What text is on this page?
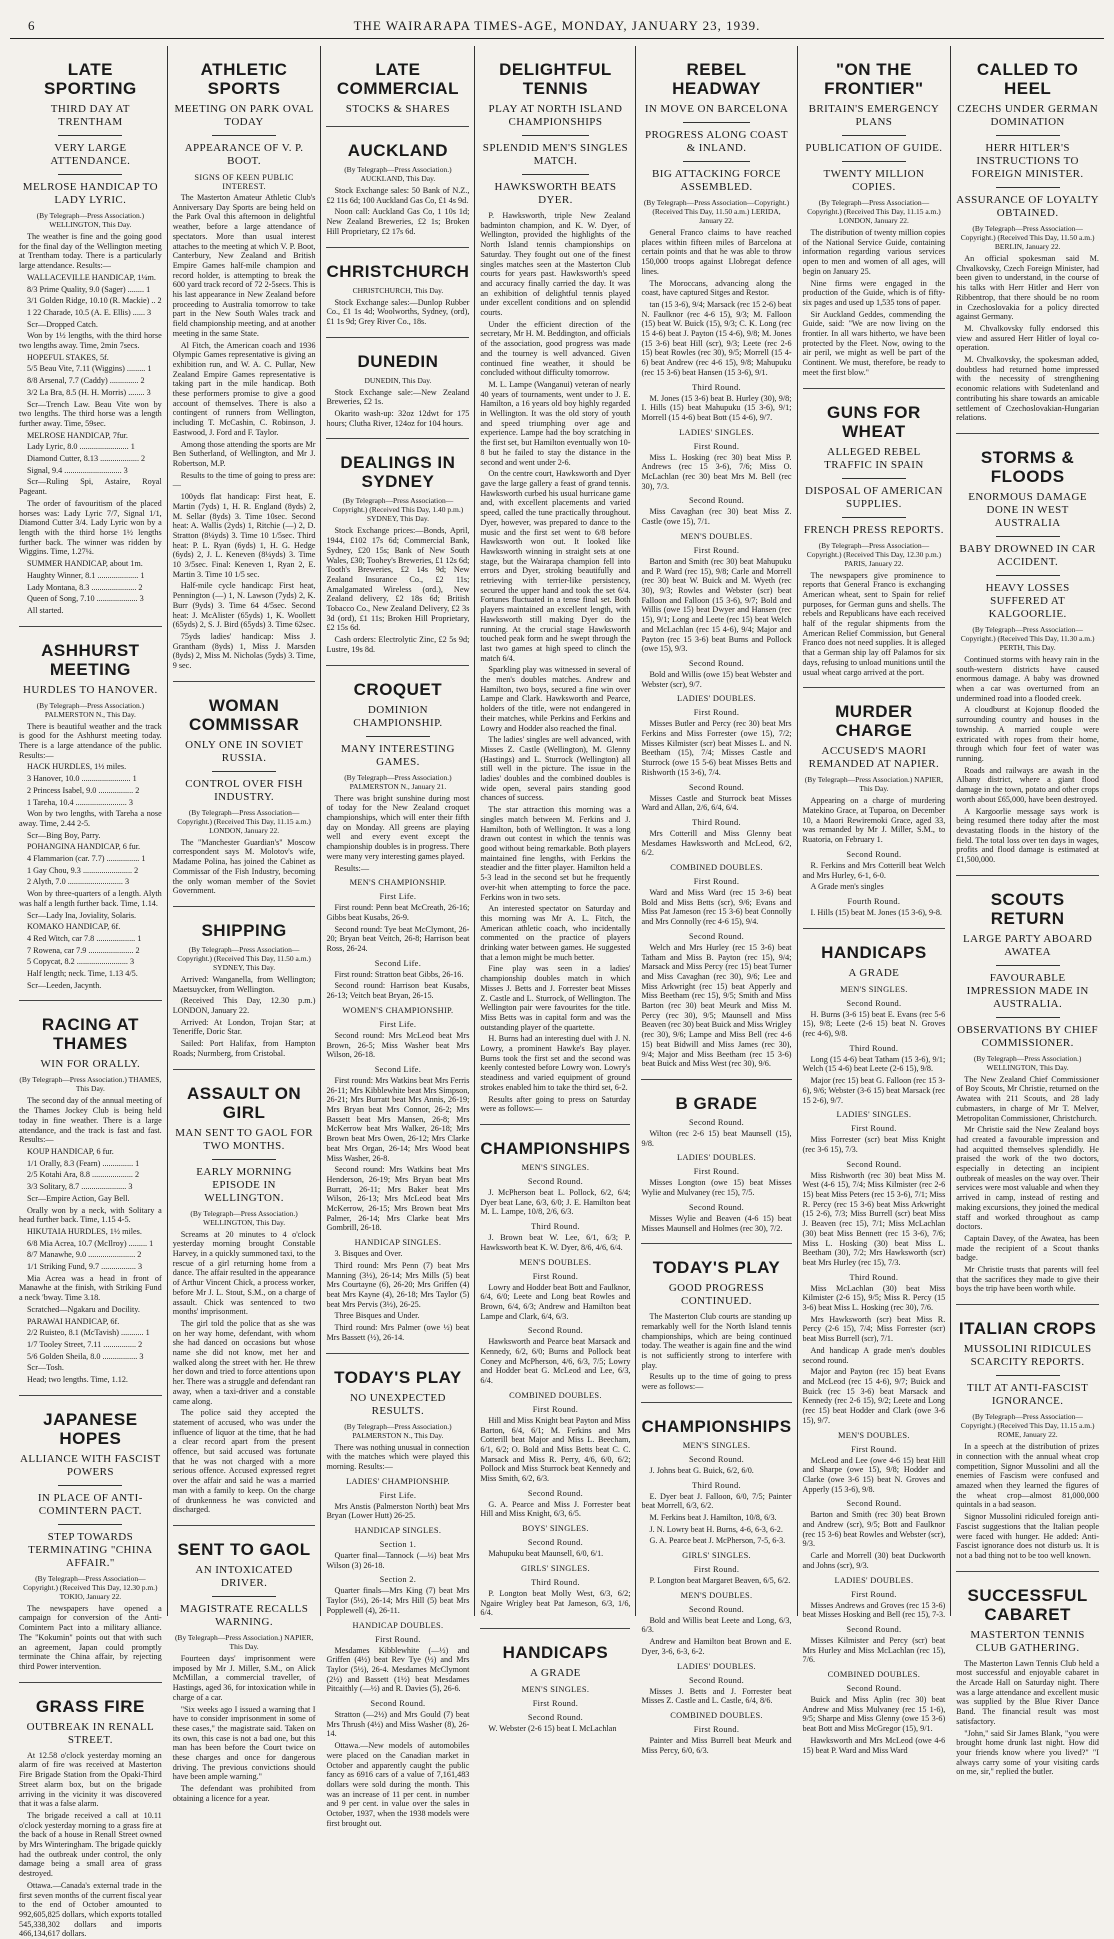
6	THE WAIRARAPA TIMES-AGE, MONDAY, JANUARY 23, 1939.
LATE SPORTING
THIRD DAY AT TRENTHAM
VERY LARGE ATTENDANCE.
MELROSE HANDICAP TO LADY LYRIC.
(By Telegraph—Press Association.) WELLINGTON, This Day.

The weather is fine and the going good for the final day of the Wellington meeting at Trentham today. There is a particularly large attendance. Results:—

WALLACEVILLE HANDICAP, 1¼m.

8/3 Prime Quality, 9.0 (Sager) ........ 1

3/1 Golden Ridge, 10.10 (R. Mackie) .. 2

1 22 Charade, 10.5 (A. E. Ellis) ...... 3

Scr—Dropped Catch.

Won by 1½ lengths, with the third horse two lengths away. Time, 2min 7secs.

HOPEFUL STAKES, 5f.

5/5 Beau Vite, 7.11 (Wiggins) ......... 1

8/8 Arsenal, 7.7 (Caddy) .............. 2

3/2 La Bra, 8.5 (H. H. Morris) ........ 3

Scr—Trench Law. Beau Vite won by two lengths. The third horse was a length further away. Time, 59sec.

MELROSE HANDICAP, 7fur.

Lady Lyric, 8.0 ........................ 1

Diamond Cutter, 8.13 ................... 2

Signal, 9.4 ............................ 3

Scr—Ruling Spi, Astaire, Royal Pageant.

The order of favouritism of the placed horses was: Lady Lyric 7/7, Signal 1/1, Diamond Cutter 3/4. Lady Lyric won by a length with the third horse 1½ lengths further back. The winner was ridden by Wiggins. Time, 1.27¼.

SUMMER HANDICAP, about 1m.

Haughty Winner, 8.1 .................... 1

Lady Montana, 8.3 ...................... 2

Queen of Song, 7.10 .................... 3

All started.

ASHHURST MEETING
HURDLES TO HANOVER.
(By Telegraph—Press Association.) PALMERSTON N., This Day.

There is beautiful weather and the track is good for the Ashhurst meeting today. There is a large attendance of the public. Results:—

HACK HURDLES, 1½ miles.

3 Hanover, 10.0 ........................ 1

2 Princess Isabel, 9.0 ................. 2

1 Tareha, 10.4 ......................... 3

Won by two lengths, with Tareha a nose away. Time, 2.44 2-5.

Scr—Bing Boy, Parry.

POHANGINA HANDICAP, 6 fur.

4 Flammarion (car. 7.7) ................ 1

1 Gay Chou, 9.3 ........................ 2

2 Alyth, 7.0 ........................... 3

Won by three-quarters of a length. Alyth was half a length further back. Time, 1.14.

Scr—Lady Ina, Joviality, Solaris.

KOMAKO HANDICAP, 6f.

4 Red Witch, car 7.8 ................... 1

7 Rowena, car 7.9 ...................... 2

5 Copycat, 8.2 ......................... 3

Half length; neck. Time, 1.13 4/5.

Scr—Leeden, Jacynth.

RACING AT THAMES
WIN FOR ORALLY.
(By Telegraph—Press Association.) THAMES, This Day.

The second day of the annual meeting of the Thames Jockey Club is being held today in fine weather. There is a large attendance, and the track is fast and fast. Results:—

KOUP HANDICAP, 6 fur.

1/1 Orally, 8.3 (Fearn) ............... 1

2/5 Kotahi Ara, 8.8 .................... 2

3/3 Solitary, 8.7 ...................... 3

Scr—Empire Action, Gay Bell.

Orally won by a neck, with Solitary a head further back. Time, 1.15 4-5.

HIKUTAIA HURDLES, 1½ miles.

6/8 Mia Acrea, 10.7 (McIlroy) ......... 1

8/7 Manawhe, 9.0 ....................... 2

1/1 Striking Fund, 9.7 ................. 3

Mia Acrea was a head in front of Manawhe at the finish, with Striking Fund a neck 'bway. Time 3.18.

Scratched—Ngakaru and Docility.

PARAWAI HANDICAP, 6f.

2/2 Ruisteo, 8.1 (McTavish) ........... 1

1/7 Tooley Street, 7.11 ................ 2

5/6 Golden Sheila, 8.0 ................. 3

Scr—Tosh.

Head; two lengths. Time, 1.12.

JAPANESE HOPES
ALLIANCE WITH FASCIST POWERS
IN PLACE OF ANTI-COMINTERN PACT.
STEP TOWARDS TERMINATING "CHINA AFFAIR."
(By Telegraph—Press Association—Copyright.) (Received This Day, 12.30 p.m.) TOKIO, January 22.

The newspapers have opened a campaign for conversion of the Anti-Comintern Pact into a military alliance. The "Kokumin" points out that with such an agreement, Japan could promptly terminate the China affair, by rejecting third Power intervention.

GRASS FIRE
OUTBREAK IN RENALL STREET.

At 12.58 o'clock yesterday morning an alarm of fire was received at Masterton Fire Brigade Station from the Opaki-Third Street alarm box, but on the brigade arriving in the vicinity it was discovered that it was a false alarm.

The brigade received a call at 10.11 o'clock yesterday morning to a grass fire at the back of a house in Renall Street owned by Mrs Winteringham. The brigade quickly had the outbreak under control, the only damage being a small area of grass destroyed.

Ottawa.—Canada's external trade in the first seven months of the current fiscal year to the end of October amounted to 992,605,825 dollars, which exports totalled 545,338,302 dollars and imports 466,134,617 dollars.

ATHLETIC SPORTS
MEETING ON PARK OVAL TODAY
APPEARANCE OF V. P. BOOT.
SIGNS OF KEEN PUBLIC INTEREST.

The Masterton Amateur Athletic Club's Anniversary Day Sports are being held on the Park Oval this afternoon in delightful weather, before a large attendance of spectators. More than usual interest attaches to the meeting at which V. P. Boot, Canterbury, New Zealand and British Empire Games half-mile champion and record holder, is attempting to break the 600 yard track record of 72 2-5secs. This is his last appearance in New Zealand before proceeding to Australia tomorrow to take part in the New South Wales track and field championship meeting, and at another meeting in the same State.

Al Fitch, the American coach and 1936 Olympic Games representative is giving an exhibition run, and W. A. C. Pullar, New Zealand Empire Games representative is taking part in the mile handicap. Both these performers promise to give a good account of themselves. There is also a contingent of runners from Wellington, including T. McCashin, C. Robinson, J. Eastwood, J. Ford and F. Taylor.

Among those attending the sports are Mr Ben Sutherland, of Wellington, and Mr J. Robertson, M.P.

Results to the time of going to press are:—

100yds flat handicap: First heat, E. Martin (7yds) 1, H. R. England (8yds) 2, M. Sellar (8yds) 3. Time 10sec. Second heat: A. Wallis (2yds) 1, Ritchie (—) 2, D. Stratton (8¼yds) 3. Time 10 1/5sec. Third heat: P. L. Ryan (6yds) 1, H. G. Hedge (6yds) 2, J. L. Keneven (8¼yds) 3. Time 10 3/5sec. Final: Keneven 1, Ryan 2, E. Martin 3. Time 10 1/5 sec.

Half-mile cycle handicap: First heat, Pennington (—) 1, N. Lawson (7yds) 2, K. Burr (9yds) 3. Time 64 4/5sec. Second heat: J. McAlister (65yds) 1, K. Woollett (65yds) 2, S. J. Bird (65yds) 3. Time 62sec.

75yds ladies' handicap: Miss J. Grantham (8yds) 1, Miss J. Marsden (8yds) 2, Miss M. Nicholas (5yds) 3. Time, 9 sec.

WOMAN COMMISSAR
ONLY ONE IN SOVIET RUSSIA.
CONTROL OVER FISH INDUSTRY.
(By Telegraph—Press Association—Copyright.) (Received This Day, 11.15 a.m.) LONDON, January 22.

The "Manchester Guardian's" Moscow correspondent says M. Molotov's wife, Madame Polina, has joined the Cabinet as Commissar of the Fish Industry, becoming the only woman member of the Soviet Government.

SHIPPING
(By Telegraph—Press Association—Copyright.) (Received This Day, 11.50 a.m.) SYDNEY, This Day.

Arrived: Wanganella, from Wellington; Maetsuycker, from Wellington.

(Received This Day, 12.30 p.m.) LONDON, January 22.

Arrived: At London, Trojan Star; at Teneriffe, Doric Star.

Sailed: Port Halifax, from Hampton Roads; Nurmberg, from Cristobal.

ASSAULT ON GIRL
MAN SENT TO GAOL FOR TWO MONTHS.
EARLY MORNING EPISODE IN WELLINGTON.
(By Telegraph—Press Association.) WELLINGTON, This Day.

Screams at 20 minutes to 4 o'clock yesterday morning brought Constable Harvey, in a quickly summoned taxi, to the rescue of a girl returning home from a dance. The affair resulted in the appearance of Arthur Vincent Chick, a process worker, before Mr J. L. Stout, S.M., on a charge of assault. Chick was sentenced to two months' imprisonment.

The girl told the police that as she was on her way home, defendant, with whom she had danced on occasions but whose name she did not know, met her and walked along the street with her. He threw her down and tried to force attentions upon her. There was a struggle and defendant ran away, when a taxi-driver and a constable came along.

The police said they accepted the statement of accused, who was under the influence of liquor at the time, that he had a clear record apart from the present offence, but said accused was fortunate that he was not charged with a more serious offence. Accused expressed regret over the affair and said he was a married man with a family to keep. On the charge of drunkenness he was convicted and discharged.

SENT TO GAOL
AN INTOXICATED DRIVER.
MAGISTRATE RECALLS WARNING.
(By Telegraph—Press Association.) NAPIER, This Day.

Fourteen days' imprisonment were imposed by Mr J. Miller, S.M., on Alick McMillan, a commercial traveller, of Hastings, aged 36, for intoxication while in charge of a car.

"Six weeks ago I issued a warning that I have to consider imprisonment in some of these cases," the magistrate said. Taken on its own, this case is not a bad one, but this man has been before the Court twice on these charges and once for dangerous driving. The previous convictions should have been ample warning."

The defendant was prohibited from obtaining a licence for a year.

LATE COMMERCIAL
STOCKS & SHARES
AUCKLAND
(By Telegraph—Press Association.) AUCKLAND, This Day.

Stock Exchange sales: 50 Bank of N.Z., £2 11s 6d; 100 Auckland Gas Co, £1 4s 9d.

Noon call: Auckland Gas Co, 1 10s 1d; New Zealand Breweries, £2 1s; Broken Hill Proprietary, £2 17s 6d.

CHRISTCHURCH
CHRISTCHURCH, This Day.

Stock Exchange sales:—Dunlop Rubber Co., £1 1s 4d; Woolworths, Sydney, (ord), £1 1s 9d; Grey River Co., 18s.

DUNEDIN
DUNEDIN, This Day.

Stock Exchange sale:—New Zealand Breweries, £2 1s.

Okarito wash-up: 32oz 12dwt for 175 hours; Clutha River, 124oz for 104 hours.

DEALINGS IN SYDNEY
(By Telegraph—Press Association—Copyright.) (Received This Day, 1.40 p.m.) SYDNEY, This Day.

Stock Exchange prices:—Bonds, April, 1944, £102 17s 6d; Commercial Bank, Sydney, £20 15s; Bank of New South Wales, £30; Toohey's Breweries, £1 12s 6d; Tooth's Breweries, £2 14s 9d; New Zealand Insurance Co., £2 11s; Amalgamated Wireless (ord.), New Zealand delivery, £2 18s 6d; British Tobacco Co., New Zealand Delivery, £2 3s 3d (ord), £1 11s; Broken Hill Proprietary, £2 15s 6d.

Cash orders: Electrolytic Zinc, £2 5s 9d; Lustre, 19s 8d.

CROQUET
DOMINION CHAMPIONSHIP.
MANY INTERESTING GAMES.
(By Telegraph—Press Association.) PALMERSTON N., January 21.

There was bright sunshine during most of today for the New Zealand croquet championships, which will enter their fifth day on Monday. All greens are playing well and every event except the championship doubles is in progress. There were many very interesting games played.

Results:—

MEN'S CHAMPIONSHIP.
First Life.

First round: Penn beat McCreath, 26-16; Gibbs beat Kusabs, 26-9.

Second round: Tye beat McClymont, 26-20; Bryan beat Veitch, 26-8; Harrison beat Ross, 26-24.

Second Life.

First round: Stratton beat Gibbs, 26-16.

Second round: Harrison beat Kusabs, 26-13; Veitch beat Bryan, 26-15.

WOMEN'S CHAMPIONSHIP.
First Life.

Second round: Mrs McLeod beat Mrs Brown, 26-5; Miss Washer beat Mrs Wilson, 26-18.

Second Life.

First round: Mrs Watkins beat Mrs Ferris 26-11; Mrs Kibblewhite beat Mrs Simpson, 26-21; Mrs Burratt beat Mrs Annis, 26-19; Mrs Bryan beat Mrs Connor, 26-2; Mrs Bassett beat Mrs Mansen, 26-8; Mrs McKerrow beat Mrs Walker, 26-18; Mrs Brown beat Mrs Owen, 26-12; Mrs Clarke beat Mrs Organ, 26-14; Mrs Wood beat Miss Washer, 26-8.

Second round: Mrs Watkins beat Mrs Henderson, 26-19; Mrs Bryan beat Mrs Burratt, 26-11; Mrs Baker beat Mrs Wilson, 26-13; Mrs McLeod beat Mrs McKerrow, 26-15; Mrs Brown beat Mrs Palmer, 26-14; Mrs Clarke beat Mrs Gombrill, 26-18.

HANDICAP SINGLES.

3. Bisques and Over.

Third round: Mrs Penn (7) beat Mrs Manning (3½), 26-14; Mrs Mills (5) beat Mrs Courtayne (6), 26-20; Mrs Griffen (4) beat Mrs Kayne (4), 26-18; Mrs Taylor (5) beat Mrs Pervis (3½), 26-25.

Three Bisques and Under.

Third round: Mrs Palmer (owe ½) beat Mrs Bassett (½), 26-14.

TODAY'S PLAY
NO UNEXPECTED RESULTS.
(By Telegraph—Press Association.) PALMERSTON N., This Day.

There was nothing unusual in connection with the matches which were played this morning. Results:—

LADIES' CHAMPIONSHIP.
First Life.

Mrs Anstis (Palmerston North) beat Mrs Bryan (Lower Hutt) 26-25.

HANDICAP SINGLES.
Section 1.

Quarter final—Tannock (—½) beat Mrs Wilson (3) 26-18.

Section 2.

Quarter finals—Mrs King (7) beat Mrs Taylor (5½), 26-14; Mrs Hill (5) beat Mrs Popplewell (4), 26-11.

HANDICAP DOUBLES.
First Round.

Mesdames Kibblewhite (—½) and Griffen (4½) beat Rev Tye (½) and Mrs Taylor (5½), 26-4. Mesdames McClymont (2½) and Bassett (1½) beat Mesdames Pitcaithly (—½) and R. Davies (5), 26-6.

Second Round.

Stratton (—2½) and Mrs Gould (7) beat Mrs Thrush (4½) and Miss Washer (8), 26-14.

Ottawa.—New models of automobiles were placed on the Canadian market in October and apparently caught the public fancy as 6916 cars of a value of 7,161,483 dollars were sold during the month. This was an increase of 11 per cent. in number and 9 per cent. in value over the sales in October, 1937, when the 1938 models were first brought out.

DELIGHTFUL TENNIS
PLAY AT NORTH ISLAND CHAMPIONSHIPS
SPLENDID MEN'S SINGLES MATCH.
HAWKSWORTH BEATS DYER.

P. Hawksworth, triple New Zealand badminton champion, and K. W. Dyer, of Wellington, provided the highlights of the North Island tennis championships on Saturday. They fought out one of the finest singles matches seen at the Masterton Club courts for years past. Hawksworth's speed and accuracy finally carried the day. It was an exhibition of delightful tennis played under excellent conditions and on splendid courts.

Under the efficient direction of the secretary, Mr H. M. Beddington, and officials of the association, good progress was made and the tourney is well advanced. Given continued fine weather, it should be concluded without difficulty tomorrow.

M. L. Lampe (Wanganui) veteran of nearly 40 years of tournaments, went under to J. E. Hamilton, a 16 years old boy highly regarded in Wellington. It was the old story of youth and speed triumphing over age and experience. Lampe had the boy scratching in the first set, but Hamilton eventually won 10-8 but he failed to stay the distance in the second and went under 2-6.

On the centre court, Hawksworth and Dyer gave the large gallery a feast of grand tennis. Hawksworth curbed his usual hurricane game and, with excellent placements and varied speed, called the tune practically throughout. Dyer, however, was prepared to dance to the music and the first set went to 6/8 before Hawksworth won out. It looked like Hawksworth winning in straight sets at one stage, but the Wairarapa champion fell into errors and Dyer, stroking beautifully and retrieving with terrier-like persistency, secured the upper hand and took the set 6/4. Fortunes fluctuated in a tense final set. Both players maintained an excellent length, with Hawksworth still making Dyer do the running. At the crucial stage Hawksworth touched peak form and he swept through the last two games at high speed to clinch the match 6/4.

Sparkling play was witnessed in several of the men's doubles matches. Andrew and Hamilton, two boys, secured a fine win over Lampe and Clark. Hawksworth and Pearce, holders of the title, were not endangered in their matches, while Perkins and Ferkins and Lowry and Hodder also reached the final.

The ladies' singles are well advanced, with Misses Z. Castle (Wellington), M. Glenny (Hastings) and L. Sturrock (Wellington) all still well in the picture. The issue in the ladies' doubles and the combined doubles is wide open, several pairs standing good chances of success.

The star attraction this morning was a singles match between M. Ferkins and J. Hamilton, both of Wellington. It was a long drawn out contest in which the tennis was good without being remarkable. Both players maintained fine lengths, with Ferkins the steadier and the fitter player. Hamilton held a 5-3 lead in the second set but he frequently over-hit when attempting to force the pace. Ferkins won in two sets.

An interested spectator on Saturday and this morning was Mr A. L. Fitch, the American athletic coach, who incidentally commented on the practice of players drinking water between games. He suggested that a lemon might be much better.

Fine play was seen in a ladies' championship doubles match in which Misses J. Betts and J. Forrester beat Misses Z. Castle and L. Sturrock, of Wellington. The Wellington pair were favourites for the title. Miss Betts was in capital form and was the outstanding player of the quartette.

H. Burns had an interesting duel with J. N. Lowry, a prominent Hawke's Bay player. Burns took the first set and the second was keenly contested before Lowry won. Lowry's steadiness and varied equipment of ground strokes enabled him to take the third set, 6-2.

Results after going to press on Saturday were as follows:—

CHAMPIONSHIPS
MEN'S SINGLES.
Second Round.

J. McPherson beat L. Pollock, 6/2, 6/4; Dyer beat Lane, 6/3, 6/0; J. E. Hamilton beat M. L. Lampe, 10/8, 2/6, 6/3.

Third Round.

J. Brown beat W. Lee, 6/1, 6/3; P. Hawksworth beat K. W. Dyer, 8/6, 4/6, 6/4.

MEN'S DOUBLES.
First Round.

Lowry and Hodder beat Bott and Faulknor, 6/4, 6/0; Leete and Long beat Rowles and Brown, 6/4, 6/3; Andrew and Hamilton beat Lampe and Clark, 6/4, 6/3.

Second Round.

Hawksworth and Pearce beat Marsack and Kennedy, 6/2, 6/0; Burns and Pollock beat Coney and McPherson, 4/6, 6/3, 7/5; Lowry and Hodder beat G. McLeod and Lee, 6/3, 6/4.

COMBINED DOUBLES.
First Round.

Hill and Miss Knight beat Payton and Miss Barton, 6/4, 6/1; M. Ferkins and Mrs Cotterill beat Major and Miss L. Beecham, 6/1, 6/2; O. Bold and Miss Betts beat C. C. Marsack and Miss R. Perry, 4/6, 6/0, 6/2; Pollock and Miss Sturrock beat Kennedy and Miss Smith, 6/2, 6/3.

Second Round.

G. A. Pearce and Miss J. Forrester beat Hill and Miss Knight, 6/3, 6/5.

BOYS' SINGLES.
Second Round.

Mahupuku beat Maunsell, 6/0, 6/1.

GIRLS' SINGLES.
Third Round.

P. Longton beat Molly West, 6/3, 6/2; Ngaire Wrigley beat Pat Jameson, 6/3, 1/6, 6/4.

HANDICAPS
A GRADE
MEN'S SINGLES.
First Round.
Second Round.

W. Webster (2-6 15) beat I. McLachlan

REBEL HEADWAY
IN MOVE ON BARCELONA
PROGRESS ALONG COAST & INLAND.
BIG ATTACKING FORCE ASSEMBLED.
(By Telegraph—Press Association—Copyright.) (Received This Day, 11.50 a.m.) LERIDA, January 22.

General Franco claims to have reached places within fifteen miles of Barcelona at certain points and that he was able to throw 150,000 troops against Llobregat defence lines.

The Moroccans, advancing along the coast, have captured Sitges and Restor.

tan (15 3-6), 9/4; Marsack (rec 15 2-6) beat N. Faulknor (rec 4-6 15), 9/3; M. Falloon (15) beat W. Buick (15), 9/3; C. K. Long (rec 15 4-6) beat J. Payton (15 4-6), 9/8; M. Jones (15 3-6) beat Hill (scr), 9/3; Leete (rec 2-6 15) beat Rowles (rec 30), 9/5; Morrell (15 4-6) beat Andrew (rec 4-6 15), 9/8; Mahupuku (rec 15 3-6) beat Hansen (15 3-6), 9/1.

Third Round.

M. Jones (15 3-6) beat B. Hurley (30), 9/8; I. Hills (15) beat Mahupuku (15 3-6), 9/1; Morrell (15 4-6) beat Bott (15 4-6), 9/7.

LADIES' SINGLES.
First Round.

Miss L. Hosking (rec 30) beat Miss P. Andrews (rec 15 3-6), 7/6; Miss O. McLachlan (rec 30) beat Mrs M. Bell (rec 30), 7/3.

Second Round.

Miss Cavaghan (rec 30) beat Miss Z. Castle (owe 15), 7/1.

MEN'S DOUBLES.
First Round.

Barton and Smith (rec 30) beat Mahupuku and P. Ward (rec 15), 9/8; Carle and Morrell (rec 30) beat W. Buick and M. Wyeth (rec 30), 9/3; Rowles and Webster (scr) beat Falloon and Falloon (15 3-6), 9/7; Bold and Willis (owe 15) beat Dwyer and Hansen (rec 15), 9/1; Long and Leete (rec 15) beat Welch and McLachlan (rec 15 4-6), 9/4; Major and Payton (rec 15 3-6) beat Burns and Pollock (owe 15), 9/3.

Second Round.

Bold and Willis (owe 15) beat Webster and Webster (scr), 9/7.

LADIES' DOUBLES.
First Round.

Misses Butler and Percy (rec 30) beat Mrs Ferkins and Miss Forrester (owe 15), 7/2; Misses Kilmister (scr) beat Misses L. and N. Beetham (15), 7/4; Misses Castle and Sturrock (owe 15 5-6) beat Misses Betts and Rishworth (15 3-6), 7/4.

Second Round.

Misses Castle and Sturrock beat Misses Ward and Allan, 2/6, 6/4, 6/4.

Third Round.

Mrs Cotterill and Miss Glenny beat Mesdames Hawksworth and McLeod, 6/2, 6/2.

COMBINED DOUBLES.
First Round.

Ward and Miss Ward (rec 15 3-6) beat Bold and Miss Betts (scr), 9/6; Evans and Miss Pat Jameson (rec 15 3-6) beat Connolly and Mrs Connolly (rec 4-6 15), 9/4.

Second Round.

Welch and Mrs Hurley (rec 15 3-6) beat Tatham and Miss B. Payton (rec 15), 9/4; Marsack and Miss Percy (rec 15) beat Turner and Miss Cavaghan (rec 30), 9/6; Lee and Miss Arkwright (rec 15) beat Apperly and Miss Beetham (rec 15), 9/5; Smith and Miss Barton (rec 30) beat Meurk and Miss M. Percy (rec 30), 9/5; Maunsell and Miss Beaven (rec 30) beat Buick and Miss Wrigley (rec 30), 9/6; Lampe and Miss Bell (rec 4-6 15) beat Bidwill and Miss James (rec 30), 9/4; Major and Miss Beetham (rec 15 3-6) beat Buick and Miss West (rec 30), 9/6.

B GRADE
Second Round.

Wilton (rec 2-6 15) beat Maunsell (15), 9/8.

LADIES' DOUBLES.
First Round.

Misses Longton (owe 15) beat Misses Wylie and Mulvaney (rec 15), 7/5.

Second Round.

Misses Wylie and Beaven (4-6 15) beat Misses Maunsell and Holmes (rec 30), 7/2.

TODAY'S PLAY
GOOD PROGRESS CONTINUED.

The Masterton Club courts are standing up remarkably well for the North Island tennis championships, which are being continued today. The weather is again fine and the wind is not sufficiently strong to interfere with play.

Results up to the time of going to press were as follows:—

CHAMPIONSHIPS
MEN'S SINGLES.
Second Round.

J. Johns beat G. Buick, 6/2, 6/0.

Third Round.

E. Dyer beat J. Falloon, 6/0, 7/5; Painter beat Morrell, 6/3, 6/2.

M. Ferkins beat J. Hamilton, 10/8, 6/3.

J. N. Lowry beat H. Burns, 4-6, 6-3, 6-2.

G. A. Pearce beat J. McPherson, 7-5, 6-3.

GIRLS' SINGLES.
First Round.

P. Longton beat Margaret Beaven, 6/5, 6/2.

MEN'S DOUBLES.
Second Round.

Bold and Willis beat Leete and Long, 6/3, 6/3.

Andrew and Hamilton beat Brown and E. Dyer, 3-6, 6-3, 6-2.

LADIES' DOUBLES.
Second Round.

Misses J. Betts and J. Forrester beat Misses Z. Castle and L. Castle, 6/4, 8/6.

COMBINED DOUBLES.
First Round.

Painter and Miss Burrell beat Meurk and Miss Percy, 6/0, 6/3.

"ON THE FRONTIER"
BRITAIN'S EMERGENCY PLANS
PUBLICATION OF GUIDE.
TWENTY MILLION COPIES.
(By Telegraph—Press Association—Copyright.) (Received This Day, 11.15 a.m.) LONDON, January 22.

The distribution of twenty million copies of the National Service Guide, containing information regarding various services open to men and women of all ages, will begin on January 25.

Nine firms were engaged in the production of the Guide, which is of fifty-six pages and used up 1,535 tons of paper.

Sir Auckland Geddes, commending the Guide, said: "We are now living on the frontier. In all wars hitherto, we have been protected by the Fleet. Now, owing to the air peril, we might as well be part of the Continent. We must, therefore, be ready to meet the first blow."

GUNS FOR WHEAT
ALLEGED REBEL TRAFFIC IN SPAIN
DISPOSAL OF AMERICAN SUPPLIES.
FRENCH PRESS REPORTS.
(By Telegraph—Press Association—Copyright.) (Received This Day, 12.30 p.m.) PARIS, January 22.

The newspapers give prominence to reports that General Franco is exchanging American wheat, sent to Spain for relief purposes, for German guns and shells. The rebels and Republicans have each received half of the regular shipments from the American Relief Commission, but General Franco does not need supplies. It is alleged that a German ship lay off Palamos for six days, refusing to unload munitions until the usual wheat cargo arrived at the port.

MURDER CHARGE
ACCUSED'S MAORI REMANDED AT NAPIER.
(By Telegraph—Press Association.) NAPIER, This Day.

Appearing on a charge of murdering Matekino Grace, at Tuparoa, on December 10, a Maori Rewiremoki Grace, aged 33, was remanded by Mr J. Miller, S.M., to Ruatoria, on February 1.

Second Round.

R. Ferkins and Mrs Cotterill beat Welch and Mrs Hurley, 6-1, 6-0.

A Grade men's singles

Fourth Round.

I. Hills (15) beat M. Jones (15 3-6), 9-8.

HANDICAPS
A GRADE
MEN'S SINGLES.
Second Round.

H. Burns (3-6 15) beat E. Evans (rec 5-6 15), 9/8; Leete (2-6 15) beat N. Groves (rec 4-6), 9/8.

Third Round.

Long (15 4-6) beat Tatham (15 3-6), 9/1; Welch (15 4-6) beat Leete (2-6 15), 9/8.

Major (rec 15) beat G. Falloon (rec 15 3-6), 9/6; Webster (3-6 15) beat Marsack (rec 15 2-6), 9/7.

LADIES' SINGLES.
First Round.

Miss Forrester (scr) beat Miss Knight (rec 3-6 15), 7/3.

Second Round.

Miss Rishworth (rec 30) beat Miss M. West (4-6 15), 7/4; Miss Kilmister (rec 2-6 15) beat Miss Peters (rec 15 3-6), 7/1; Miss R. Percy (rec 15 3-6) beat Miss Arkwright (15 2-6), 7/3; Miss Burrell (scr) beat Miss J. Beaven (rec 15), 7/1; Miss McLachlan (30) beat Miss Bennett (rec 15 3-6), 7/6; Miss L. Hosking (30) beat Miss L. Beetham (30), 7/2; Mrs Hawksworth (scr) beat Mrs Hurley (rec 15), 7/3.

Third Round.

Miss McLachlan (30) beat Miss Kilmister (2-6 15), 9/5; Miss R. Percy (15 3-6) beat Miss L. Hosking (rec 30), 7/6.

Mrs Hawksworth (scr) beat Miss R. Percy (2-6 15), 7/4; Miss Forrester (scr) beat Miss Burrell (scr), 7/1.

And handicap A grade men's doubles second round.

Major and Payton (rec 15) beat Evans and McLeod (rec 15 4-6), 9/7; Buick and Buick (rec 15 3-6) beat Marsack and Kennedy (rec 2-6 15), 9/2; Leete and Long (rec 15) beat Hodder and Clark (owe 3-6 15), 9/7.

MEN'S DOUBLES.
First Round.

McLeod and Lee (owe 4-6 15) beat Hill and Sharpe (owe 15), 9/8; Hodder and Clarke (owe 3-6 15) beat N. Groves and Apperly (15 3-6), 9/8.

Second Round.

Barton and Smith (rec 30) beat Brown and Andrew (scr), 9/5; Bott and Faulknor (rec 15 3-6) beat Rowles and Webster (scr), 9/3.

Carle and Morrell (30) beat Duckworth and Johns (scr), 9/3.

LADIES' DOUBLES.
First Round.

Misses Andrews and Groves (rec 15 3-6) beat Misses Hosking and Bell (rec 15), 7-3.

Second Round.

Misses Kilmister and Percy (scr) beat Mrs Hurley and Miss McLachlan (rec 15), 7/6.

COMBINED DOUBLES.
Second Round.

Buick and Miss Aplin (rec 30) beat Andrew and Miss Mulvaney (rec 15 1-6), 9/5; Sharpe and Miss Glenny (owe 15 3-6) beat Bott and Miss McGregor (15), 9/1.

Hawksworth and Mrs McLeod (owe 4-6 15) beat P. Ward and Miss Ward

CALLED TO HEEL
CZECHS UNDER GERMAN DOMINATION
HERR HITLER'S INSTRUCTIONS TO FOREIGN MINISTER.
ASSURANCE OF LOYALTY OBTAINED.
(By Telegraph—Press Association—Copyright.) (Received This Day, 11.50 a.m.) BERLIN, January 22.

An official spokesman said M. Chvalkovsky, Czech Foreign Minister, had been given to understand, in the course of his talks with Herr Hitler and Herr von Ribbentrop, that there should be no room in Czechoslovakia for a policy directed against Germany.

M. Chvalkovsky fully endorsed this view and assured Herr Hitler of loyal co-operation.

M. Chvalkovsky, the spokesman added, doubtless had returned home impressed with the necessity of strengthening economic relations with Sudetenland and contributing his share towards an amicable settlement of Czechoslovakian-Hungarian relations.

STORMS & FLOODS
ENORMOUS DAMAGE DONE IN WEST AUSTRALIA
BABY DROWNED IN CAR ACCIDENT.
HEAVY LOSSES SUFFERED AT KALGOORLIE.
(By Telegraph—Press Association—Copyright.) (Received This Day, 11.30 a.m.) PERTH, This Day.

Continued storms with heavy rain in the south-western districts have caused enormous damage. A baby was drowned when a car was overturned from an undermined road into a flooded creek.

A cloudburst at Kojonup flooded the surrounding country and houses in the township. A married couple were extricated with ropes from their home, through which four feet of water was running.

Roads and railways are awash in the Albany district, where a giant flood damage in the town, potato and other crops worth about £65,000, have been destroyed.

A Kargoorlie message says work is being resumed there today after the most devastating floods in the history of the field. The total loss over ten days in wages, profits and flood damage is estimated at £1,500,000.

SCOUTS RETURN
LARGE PARTY ABOARD AWATEA
FAVOURABLE IMPRESSION MADE IN AUSTRALIA.
OBSERVATIONS BY CHIEF COMMISSIONER.
(By Telegraph—Press Association.) WELLINGTON, This Day.

The New Zealand Chief Commissioner of Boy Scouts, Mr Christie, returned on the Awatea with 211 Scouts, and 28 lady cubmasters, in charge of Mr T. Melver, Metropolitan Commissioner, Christchurch.

Mr Christie said the New Zealand boys had created a favourable impression and had acquitted themselves splendidly. He praised the work of the two doctors, especially in detecting an incipient outbreak of measles on the way over. Their services were most valuable and when they arrived in camp, instead of resting and making excursions, they joined the medical staff and worked throughout as camp doctors.

Captain Davey, of the Awatea, has been made the recipient of a Scout thanks badge.

Mr Christie trusts that parents will feel that the sacrifices they made to give their boys the trip have been worth while.

ITALIAN CROPS
MUSSOLINI RIDICULES SCARCITY REPORTS.
TILT AT ANTI-FASCIST IGNORANCE.
(By Telegraph—Press Association—Copyright.) (Received This Day, 11.15 a.m.) ROME, January 22.

In a speech at the distribution of prizes in connection with the annual wheat crop competition, Signor Mussolini and all the enemies of Fascism were confused and amazed when they learned the figures of the wheat crop—almost 81,000,000 quintals in a bad season.

Signor Mussolini ridiculed foreign anti-Fascist suggestions that the Italian people were faced with hunger. He added: Anti-Fascist ignorance does not disturb us. It is not a bad thing not to be too well known.

SUCCESSFUL CABARET
MASTERTON TENNIS CLUB GATHERING.

The Masterton Lawn Tennis Club held a most successful and enjoyable cabaret in the Arcade Hall on Saturday night. There was a large attendance and excellent music was supplied by the Blue River Dance Band. The financial result was most satisfactory.

"John," said Sir James Blank, "you were brought home drunk last night. How did your friends know where you lived?" "I always carry some of your visiting cards on me, sir," replied the butler.
